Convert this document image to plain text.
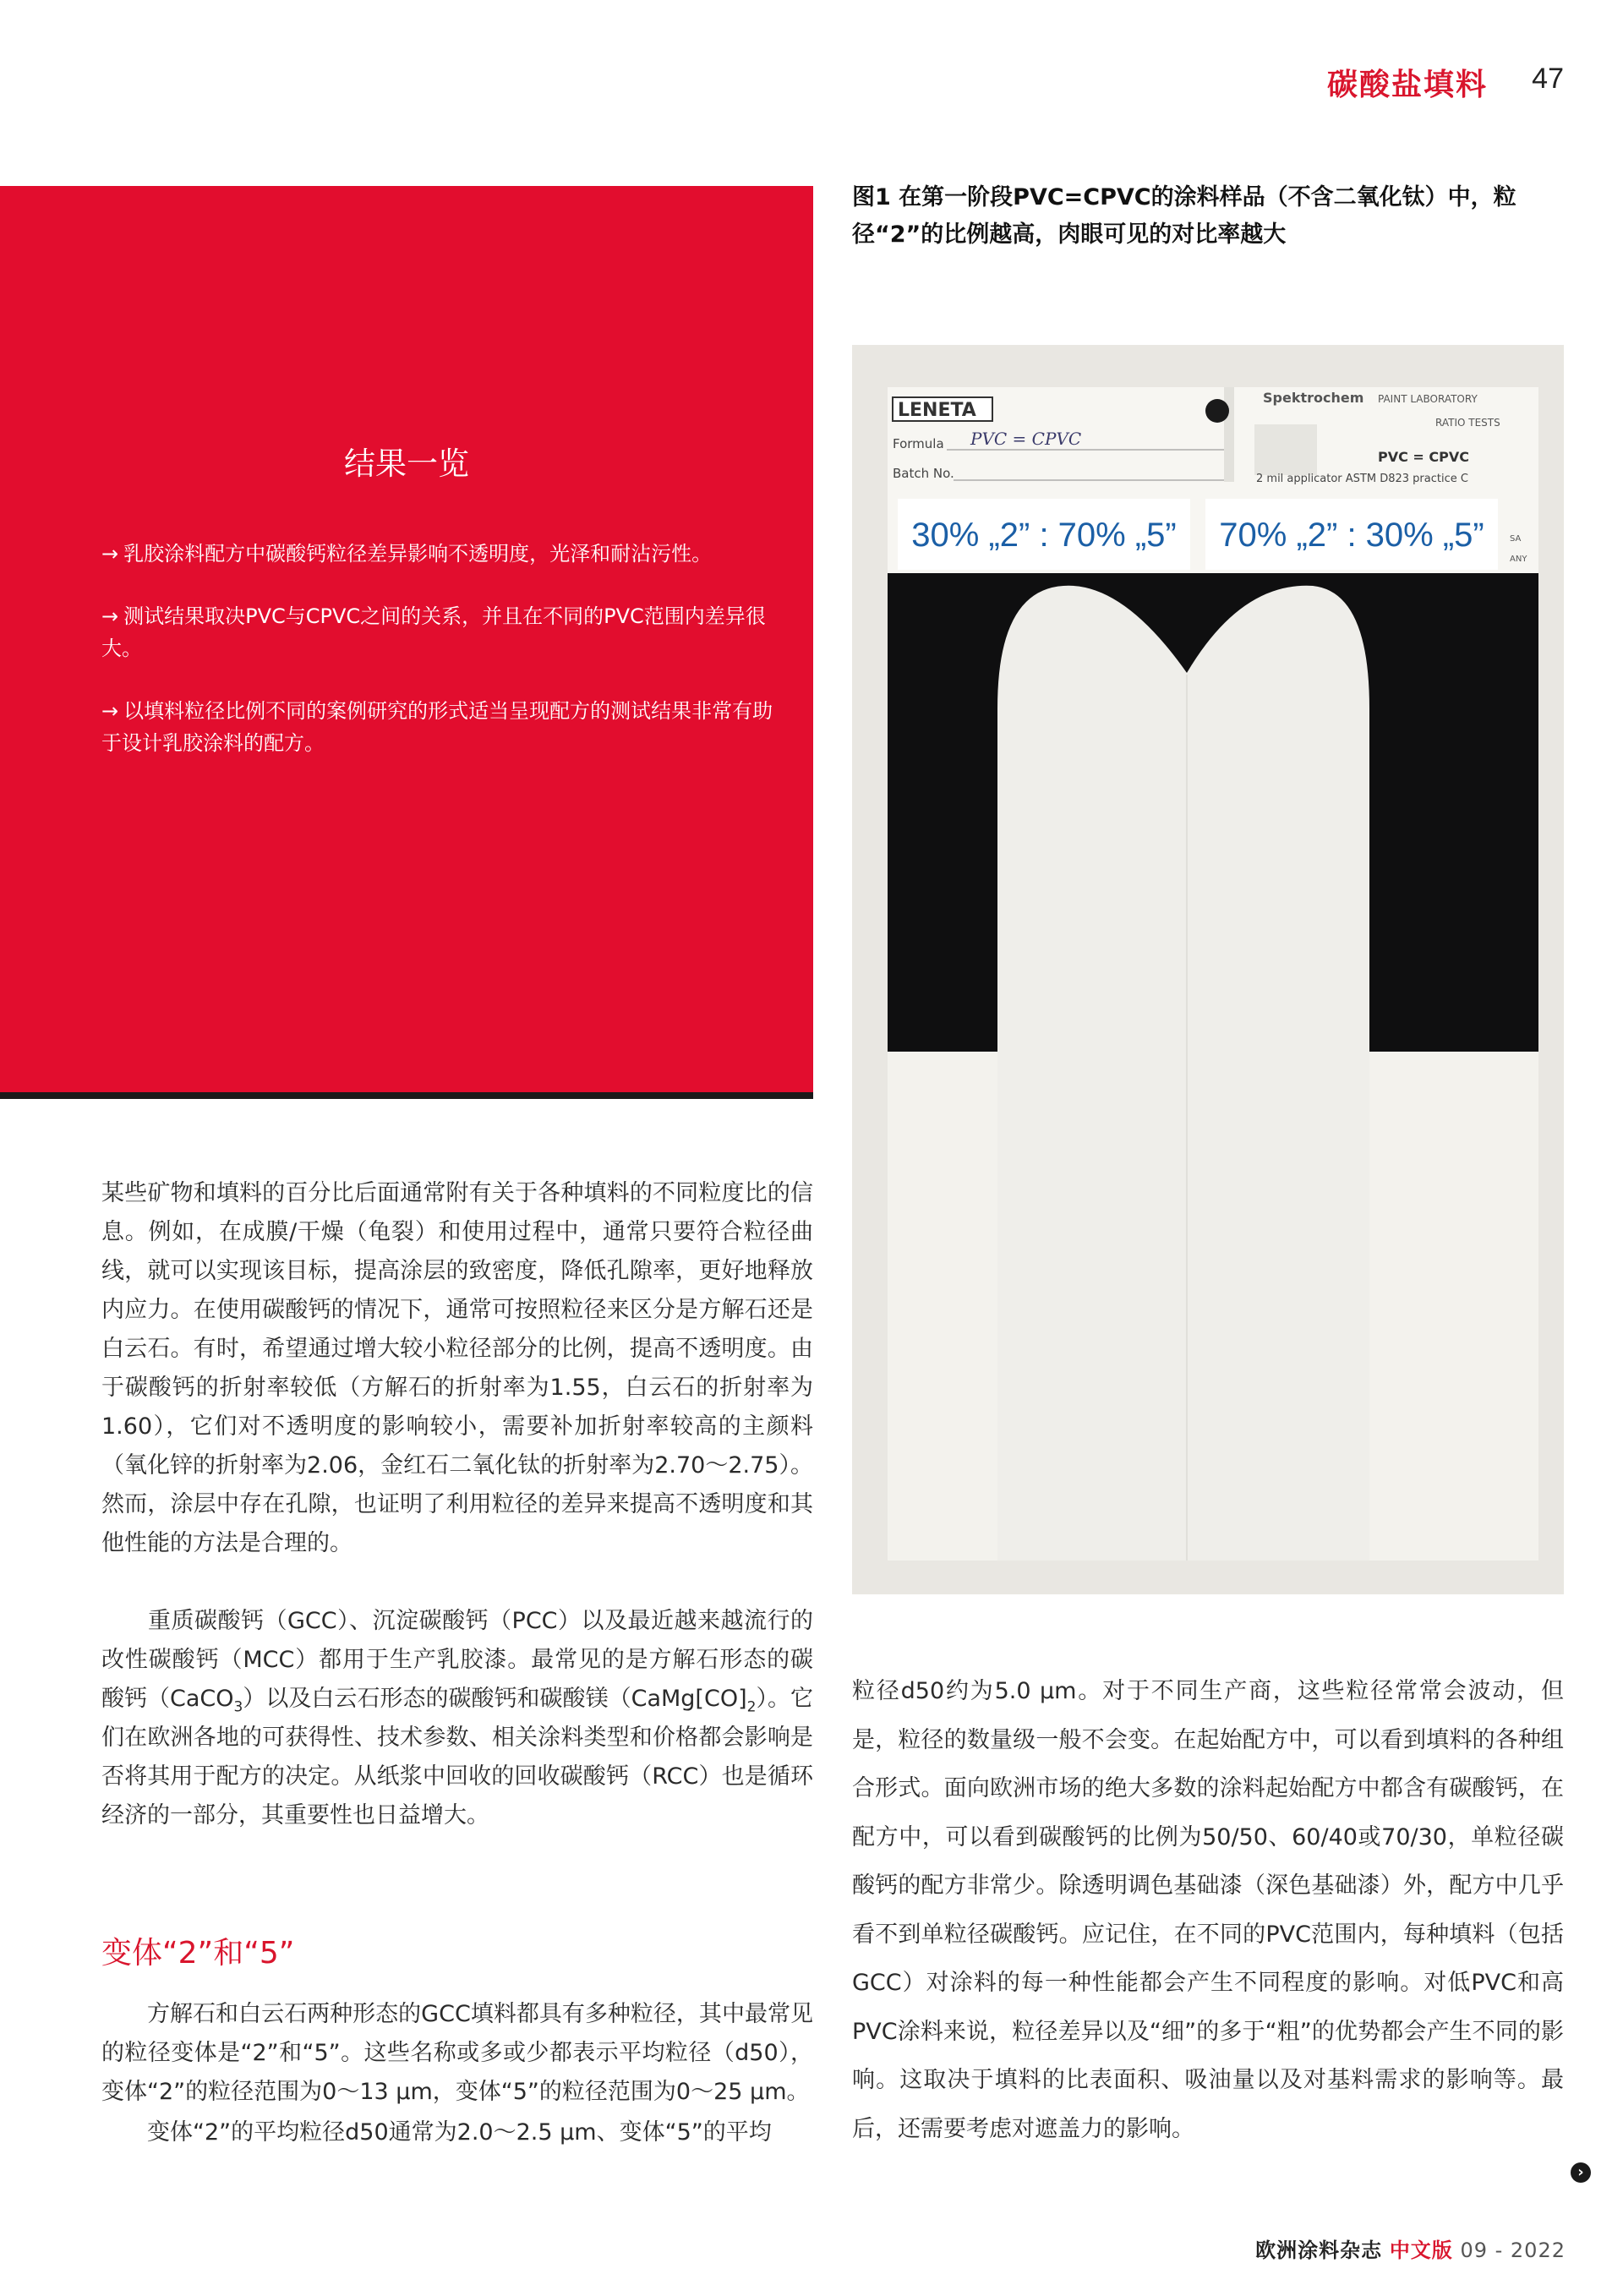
碳酸盐填料 47
结果一览
→ 乳胶涂料配方中碳酸钙粒径差异影响不透明度，光泽和耐沾污性。
→ 测试结果取决PVC与CPVC之间的关系，并且在不同的PVC范围内差异很大。
→ 以填料粒径比例不同的案例研究的形式适当呈现配方的测试结果非常有助于设计乳胶涂料的配方。
图1 在第一阶段PVC=CPVC的涂料样品（不含二氧化钛）中，粒径“2”的比例越高，肉眼可见的对比率越大
LENETA
Formula PVC = CPVC
Batch No.
Spektrochem PAINT LABORATORY
RATIO TESTS
PVC = CPVC
2 mil applicator ASTM D823 practice C
SA
ANY
30% „2” : 70% „5” 70% „2” : 30% „5”
某些矿物和填料的百分比后面通常附有关于各种填料的不同粒度比的信息。例如，在成膜/干燥（龟裂）和使用过程中，通常只要符合粒径曲线，就可以实现该目标，提高涂层的致密度，降低孔隙率，更好地释放内应力。在使用碳酸钙的情况下，通常可按照粒径来区分是方解石还是白云石。有时，希望通过增大较小粒径部分的比例，提高不透明度。由于碳酸钙的折射率较低（方解石的折射率为1.55，白云石的折射率为1.60），它们对不透明度的影响较小，需要补加折射率较高的主颜料（氧化锌的折射率为2.06，金红石二氧化钛的折射率为2.70～2.75）。然而，涂层中存在孔隙，也证明了利用粒径的差异来提高不透明度和其他性能的方法是合理的。
　　重质碳酸钙（GCC）、沉淀碳酸钙（PCC）以及最近越来越流行的改性碳酸钙（MCC）都用于生产乳胶漆。最常见的是方解石形态的碳酸钙（CaCO$_3$）以及白云石形态的碳酸钙和碳酸镁$(CaMg[CO]_2)$。它们在欧洲各地的可获得性、技术参数、相关涂料类型和价格都会影响是否将其用于配方的决定。从纸浆中回收的回收碳酸钙（RCC）也是循环经济的一部分，其重要性也日益增大。
变体“2”和“5”
　　方解石和白云石两种形态的GCC填料都具有多种粒径，其中最常见的粒径变体是“2”和“5”。这些名称或多或少都表示平均粒径（d50），变体“2”的粒径范围为0～13 µm，变体“5”的粒径范围为0～25 µm。
　　变体“2”的平均粒径d50通常为2.0～2.5 µm、变体“5”的平均
粒径d50约为5.0 µm。对于不同生产商，这些粒径常常会波动，但是，粒径的数量级一般不会变。在起始配方中，可以看到填料的各种组合形式。面向欧洲市场的绝大多数的涂料起始配方中都含有碳酸钙，在配方中，可以看到碳酸钙的比例为50/50、60/40或70/30，单粒径碳酸钙的配方非常少。除透明调色基础漆（深色基础漆）外，配方中几乎看不到单粒径碳酸钙。应记住，在不同的PVC范围内，每种填料（包括GCC）对涂料的每一种性能都会产生不同程度的影响。对低PVC和高PVC涂料来说，粒径差异以及“细”的多于“粗”的优势都会产生不同的影响。这取决于填料的比表面积、吸油量以及对基料需求的影响等。最后，还需要考虑对遮盖力的影响。
›
欧洲涂料杂志 中文版 09 - 2022
